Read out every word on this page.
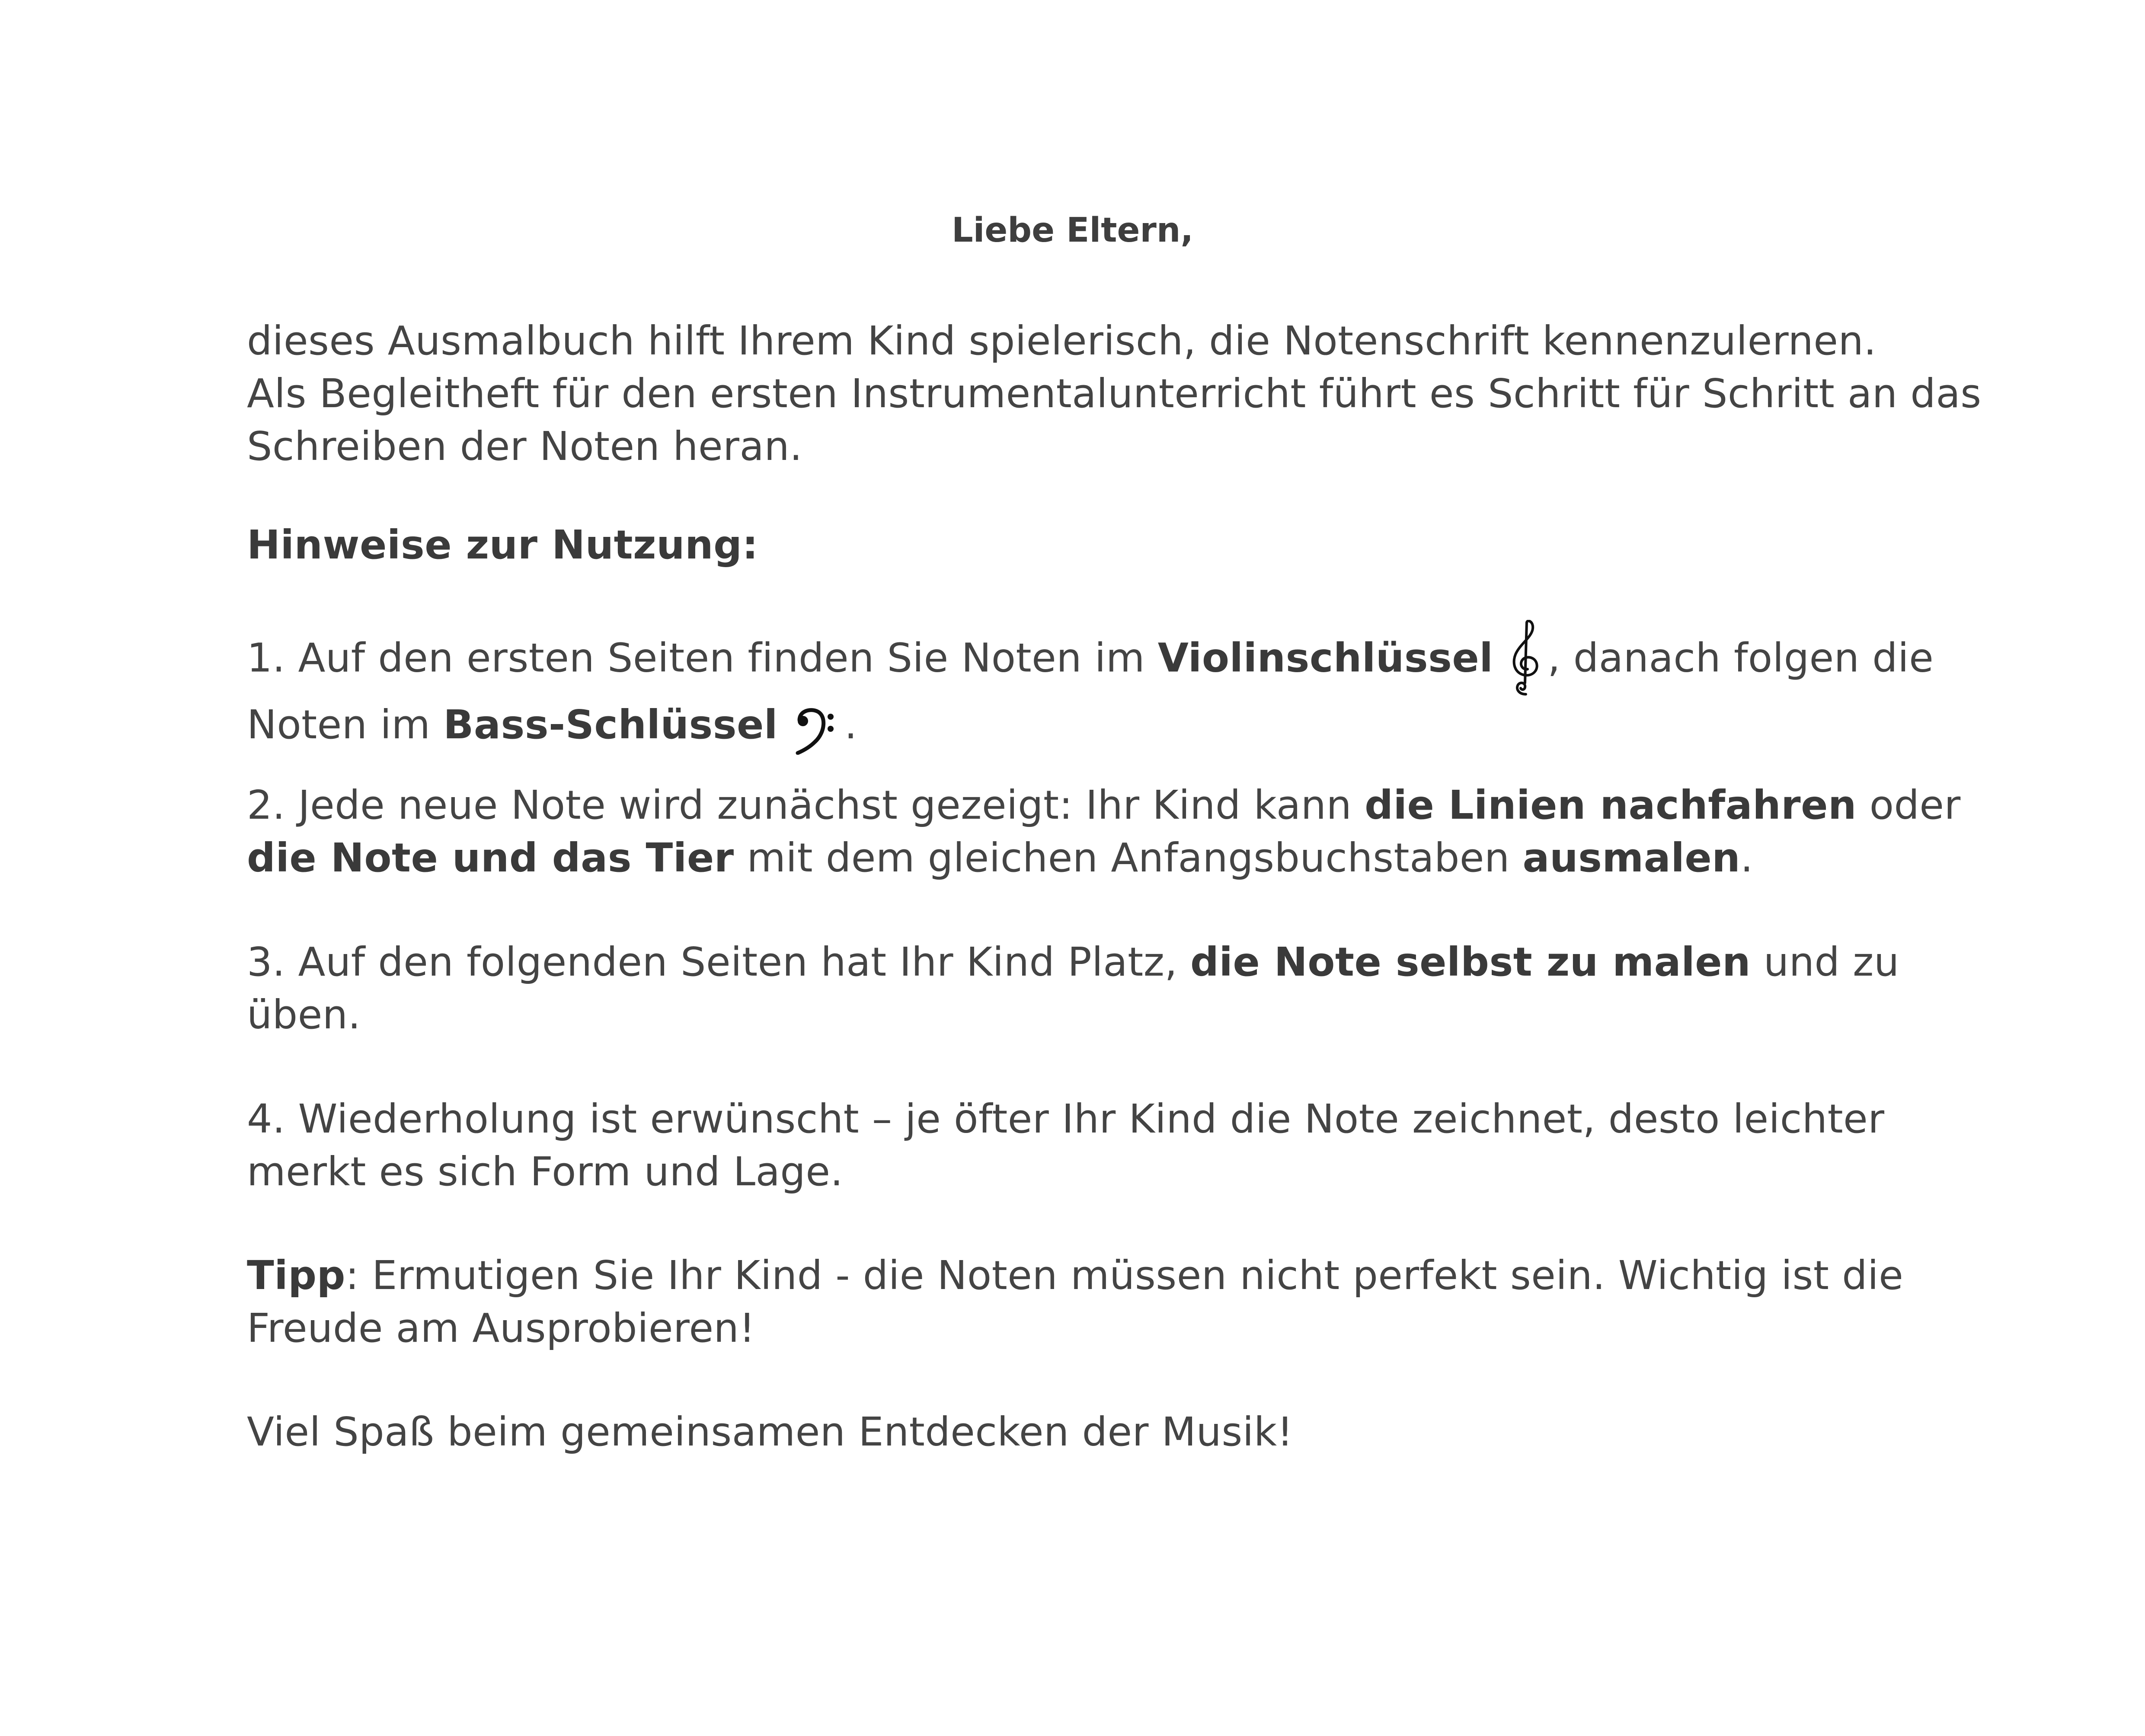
Liebe Eltern,
dieses Ausmalbuch hilft Ihrem Kind spielerisch, die Notenschrift kennenzulernen.
Als Begleitheft für den ersten Instrumentalunterricht führt es Schritt für Schritt an das Schreiben der Noten heran.
Hinweise zur Nutzung:
1. Auf den ersten Seiten finden Sie Noten im Violinschlüssel , danach folgen die Noten im Bass-Schlüssel .
2. Jede neue Note wird zunächst gezeigt: Ihr Kind kann die Linien nachfahren oder die Note und das Tier mit dem gleichen Anfangsbuchstaben ausmalen.
3. Auf den folgenden Seiten hat Ihr Kind Platz, die Note selbst zu malen und zu üben.
4. Wiederholung ist erwünscht – je öfter Ihr Kind die Note zeichnet, desto leichter merkt es sich Form und Lage.
Tipp: Ermutigen Sie Ihr Kind - die Noten müssen nicht perfekt sein. Wichtig ist die Freude am Ausprobieren!
Viel Spaß beim gemeinsamen Entdecken der Musik!
